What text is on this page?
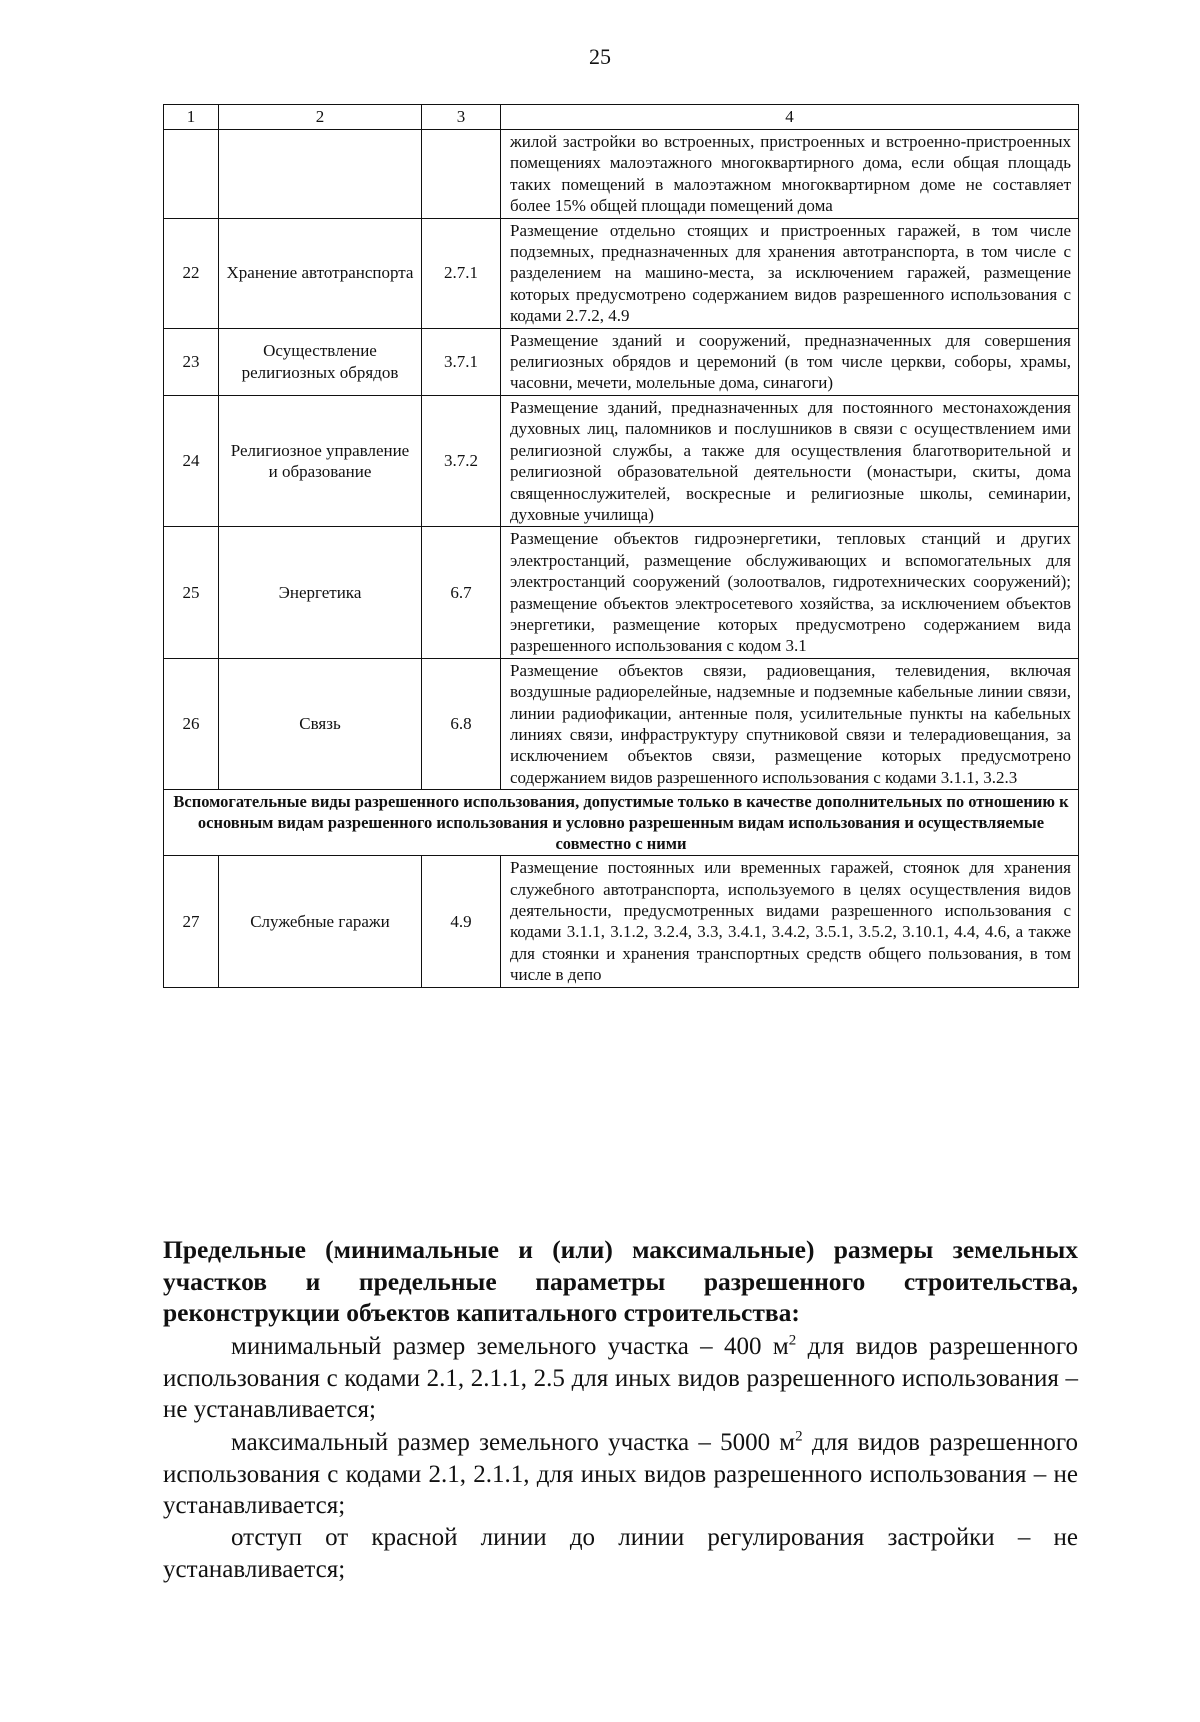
25
1	2	3	4
			жилой застройки во встроенных, пристроенных и встроенно-пристроенных помещениях малоэтажного многоквартирного дома, если общая площадь таких помещений в малоэтажном многоквартирном доме не составляет более 15% общей площади помещений дома
22	Хранение автотранспорта	2.7.1	Размещение отдельно стоящих и пристроенных гаражей, в том числе подземных, предназначенных для хранения автотранспорта, в том числе с разделением на машино-места, за исключением гаражей, размещение которых предусмотрено содержанием видов разрешенного использования с кодами 2.7.2, 4.9
23	Осуществление религиозных обрядов	3.7.1	Размещение зданий и сооружений, предназначенных для совершения религиозных обрядов и церемоний (в том числе церкви, соборы, храмы, часовни, мечети, молельные дома, синагоги)
24	Религиозное управление и образование	3.7.2	Размещение зданий, предназначенных для постоянного местонахождения духовных лиц, паломников и послушников в связи с осуществлением ими религиозной службы, а также для осуществления благотворительной и религиозной образовательной деятельности (монастыри, скиты, дома священнослужителей, воскресные и религиозные школы, семинарии, духовные училища)
25	Энергетика	6.7	Размещение объектов гидроэнергетики, тепловых станций и других электростанций, размещение обслуживающих и вспомогательных для электростанций сооружений (золоотвалов, гидротехнических сооружений); размещение объектов электросетевого хозяйства, за исключением объектов энергетики, размещение которых предусмотрено содержанием вида разрешенного использования с кодом 3.1
26	Связь	6.8	Размещение объектов связи, радиовещания, телевидения, включая воздушные радиорелейные, надземные и подземные кабельные линии связи, линии радиофикации, антенные поля, усилительные пункты на кабельных линиях связи, инфраструктуру спутниковой связи и телерадиовещания, за исключением объектов связи, размещение которых предусмотрено содержанием видов разрешенного использования с кодами 3.1.1, 3.2.3
Вспомогательные виды разрешенного использования, допустимые только в качестве дополнительных по отношению к основным видам разрешенного использования и условно разрешенным видам использования и осуществляемые совместно с ними			
27	Служебные гаражи	4.9	Размещение постоянных или временных гаражей, стоянок для хранения служебного автотранспорта, используемого в целях осуществления видов деятельности, предусмотренных видами разрешенного использования с кодами 3.1.1, 3.1.2, 3.2.4, 3.3, 3.4.1, 3.4.2, 3.5.1, 3.5.2, 3.10.1, 4.4, 4.6, а также для стоянки и хранения транспортных средств общего пользования, в том числе в депо

Предельные (минимальные и (или) максимальные) размеры земельных участков и предельные параметры разрешенного строительства, реконструкции объектов капитального строительства:

минимальный размер земельного участка – 400 $м^2$ для видов разрешенного использования с кодами 2.1, 2.1.1, 2.5 для иных видов разрешенного использования – не устанавливается;

максимальный размер земельного участка – 5000 $м^2$ для видов разрешенного использования с кодами 2.1, 2.1.1, для иных видов разрешенного использования – не устанавливается;

отступ от красной линии до линии регулирования застройки – не устанавливается;
